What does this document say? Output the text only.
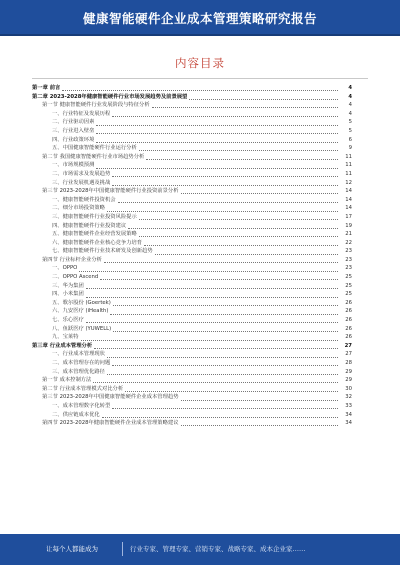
健康智能硬件企业成本管理策略研究报告
内容目录
第一章 前言	4
第二章 2023-2028年健康智能硬件行业市场发展趋势及前景展望	4
第一节 健康智能硬件行业发展阶段与特征分析	4
一、行业特征及发展历程	4
二、行业驱动因素	5
三、行业进入壁垒	5
四、行业政策环境	6
五、中国健康智能硬件行业运行分析	9
第二节 我国健康智能硬件行业市场趋势分析	11
一、市场规模预测	11
二、市场需求及发展趋势	11
三、行业发展机遇及挑战	12
第三节 2023-2028年中国健康智能硬件行业投资前景分析	14
一、健康智能硬件投资机会	14
二、细分市场投资策略	14
三、健康智能硬件行业投资风险提示	17
四、健康智能硬件行业投资建议	19
五、健康智能硬件企业经营发展策略	21
六、健康智能硬件企业核心竞争力培育	22
七、健康智能硬件行业技术研发及创新趋势	23
第四节 行业标杆企业分析	23
一、OPPO	23
二、OPPO Ascend	25
三、华为集团	25
四、小米集团	25
五、歌尔股份 (Goertek)	26
六、九安医疗 (iHealth)	26
七、乐心医疗	26
八、鱼跃医疗 (YUWELL)	26
九、宝莱特	26
第三章 行业成本管理分析	27
一、行业成本管理现状	27
二、成本管理存在的问题	28
三、成本管理优化路径	29
第一节 成本控制方法	29
第二节 行业成本管理模式对比分析	30
第三节 2023-2028年中国健康智能硬件企业成本管理趋势	32
一、成本管理数字化转型	33
二、供应链成本优化	34
第四节 2023-2028年健康智能硬件企业成本管理策略建议	34
让每个人都能成为	行业专家、管理专家、营销专家、战略专家、成本企业家……
